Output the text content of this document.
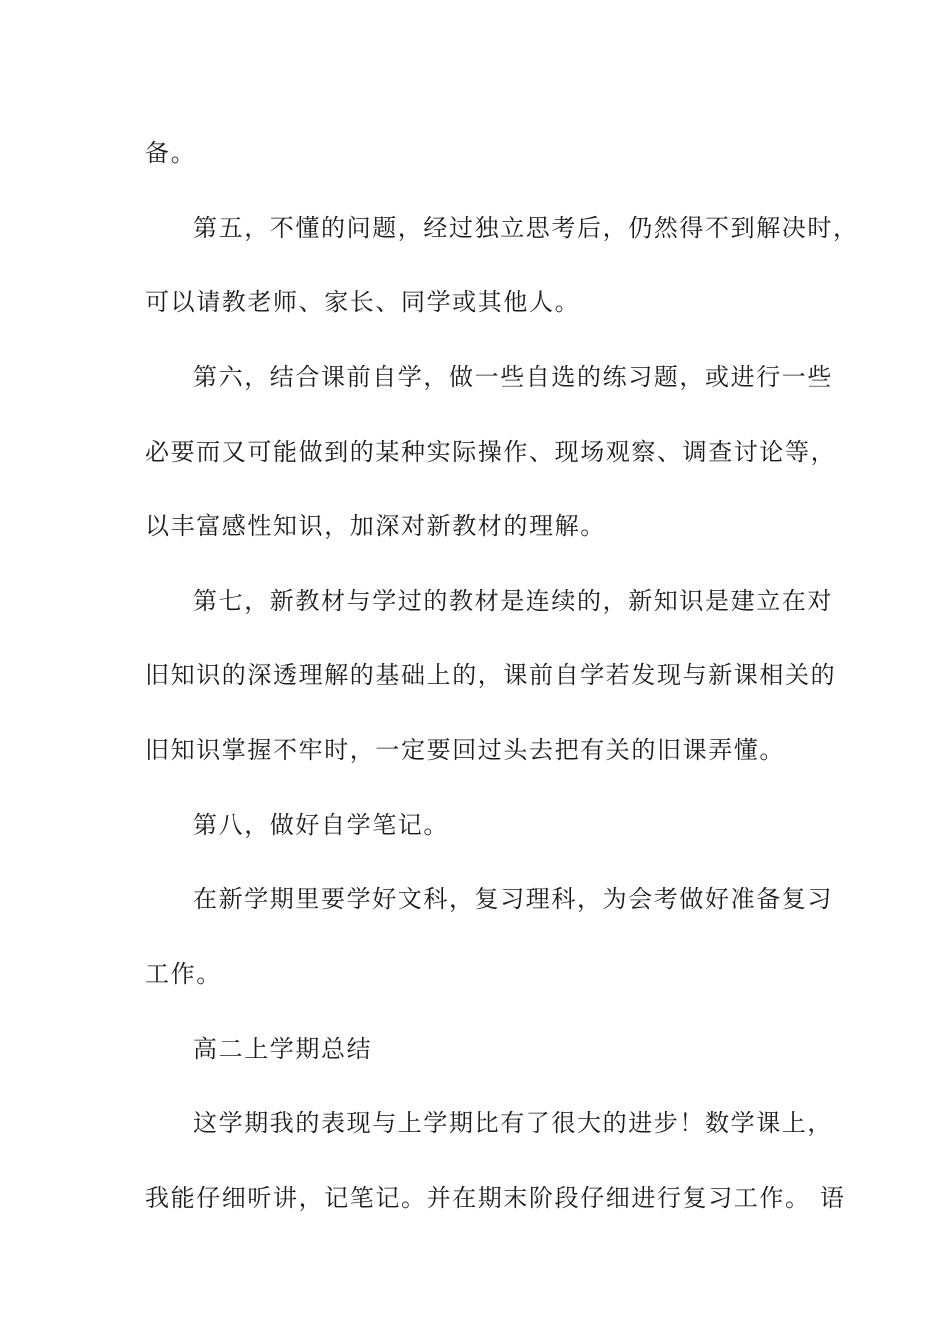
备。
第五，不懂的问题，经过独立思考后，仍然得不到解决时，
可以请教老师、家长、同学或其他人。
第六，结合课前自学，做一些自选的练习题，或进行一些
必要而又可能做到的某种实际操作、现场观察、调查讨论等，
以丰富感性知识，加深对新教材的理解。
第七，新教材与学过的教材是连续的，新知识是建立在对
旧知识的深透理解的基础上的，课前自学若发现与新课相关的
旧知识掌握不牢时，一定要回过头去把有关的旧课弄懂。
第八，做好自学笔记。
在新学期里要学好文科，复习理科，为会考做好准备复习
工作。
高二上学期总结
这学期我的表现与上学期比有了很大的进步！数学课上，
我能仔细听讲，记笔记。并在期末阶段仔细进行复习工作。 语
